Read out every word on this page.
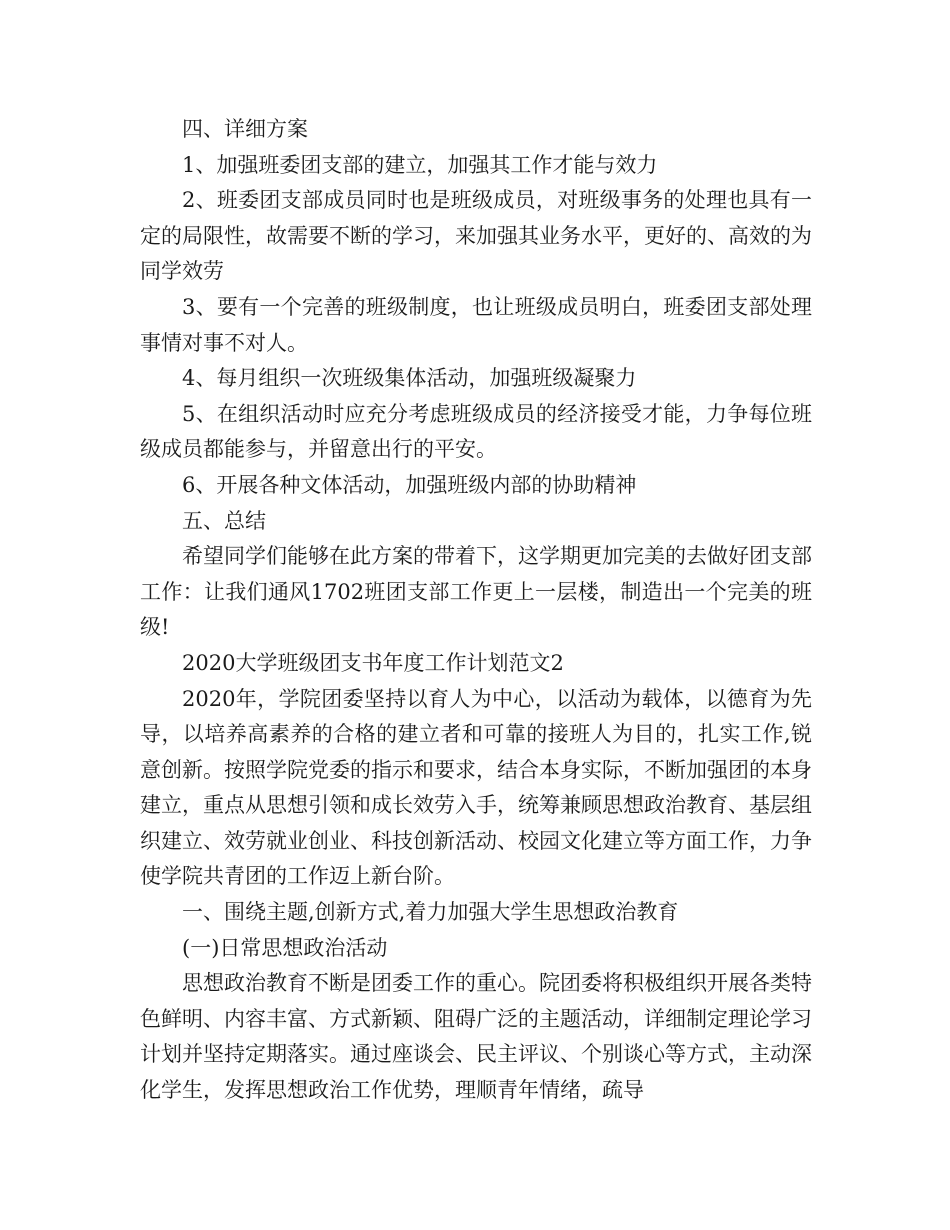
四、详细方案

1、加强班委团支部的建立，加强其工作才能与效力

2、班委团支部成员同时也是班级成员，对班级事务的处理也具有一定的局限性，故需要不断的学习，来加强其业务水平，更好的、高效的为同学效劳

3、要有一个完善的班级制度，也让班级成员明白，班委团支部处理事情对事不对人。

4、每月组织一次班级集体活动，加强班级凝聚力

5、在组织活动时应充分考虑班级成员的经济接受才能，力争每位班级成员都能参与，并留意出行的平安。

6、开展各种文体活动，加强班级内部的协助精神

五、总结

希望同学们能够在此方案的带着下，这学期更加完美的去做好团支部工作：让我们通风1702班团支部工作更上一层楼，制造出一个完美的班级!

2020大学班级团支书年度工作计划范文2

2020年，学院团委坚持以育人为中心，以活动为载体，以德育为先导，以培养高素养的合格的建立者和可靠的接班人为目的，扎实工作,锐意创新。按照学院党委的指示和要求，结合本身实际，不断加强团的本身建立，重点从思想引领和成长效劳入手，统筹兼顾思想政治教育、基层组织建立、效劳就业创业、科技创新活动、校园文化建立等方面工作，力争使学院共青团的工作迈上新台阶。

一、围绕主题,创新方式,着力加强大学生思想政治教育

(一)日常思想政治活动

思想政治教育不断是团委工作的重心。院团委将积极组织开展各类特色鲜明、内容丰富、方式新颖、阻碍广泛的主题活动，详细制定理论学习计划并坚持定期落实。通过座谈会、民主评议、个别谈心等方式，主动深化学生，发挥思想政治工作优势，理顺青年情绪，疏导
